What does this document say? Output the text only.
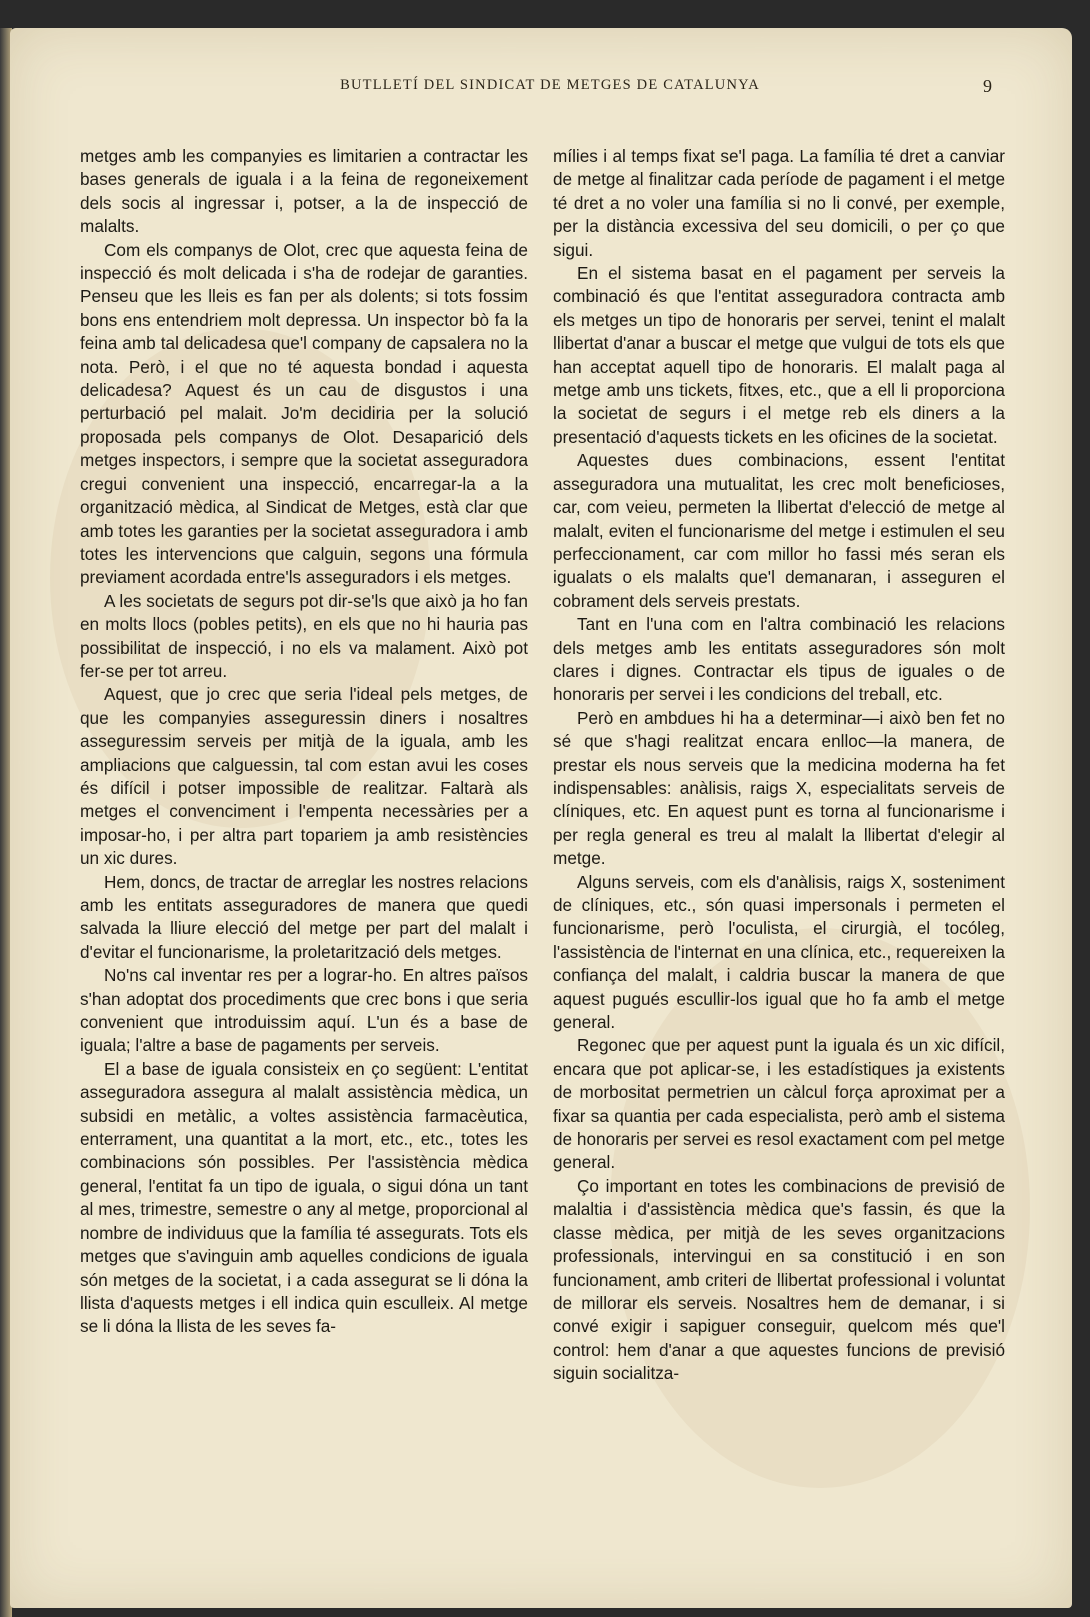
BUTLLETÍ DEL SINDICAT DE METGES DE CATALUNYA	9

metges amb les companyies es limitarien a contractar les bases generals de iguala i a la feina de regoneixement dels socis al ingressar i, potser, a la de inspecció de malalts.

Com els companys de Olot, crec que aquesta feina de inspecció és molt delicada i s'ha de rodejar de garanties. Penseu que les lleis es fan per als dolents; si tots fossim bons ens entendriem molt depressa. Un inspector bò fa la feina amb tal delicadesa que'l company de capsalera no la nota. Però, i el que no té aquesta bondad i aquesta delicadesa? Aquest és un cau de disgustos i una perturbació pel malait. Jo'm decidiria per la solució proposada pels companys de Olot. Desaparició dels metges inspectors, i sempre que la societat asseguradora cregui convenient una inspecció, encarregar-la a la organització mèdica, al Sindicat de Metges, està clar que amb totes les garanties per la societat asseguradora i amb totes les intervencions que calguin, segons una fórmula previament acordada entre'ls asseguradors i els metges.

A les societats de segurs pot dir-se'ls que això ja ho fan en molts llocs (pobles petits), en els que no hi hauria pas possibilitat de inspecció, i no els va malament. Això pot fer-se per tot arreu.

Aquest, que jo crec que seria l'ideal pels metges, de que les companyies asseguressin diners i nosaltres asseguressim serveis per mitjà de la iguala, amb les ampliacions que calguessin, tal com estan avui les coses és difícil i potser impossible de realitzar. Faltarà als metges el convenciment i l'empenta necessàries per a imposar-ho, i per altra part topariem ja amb resistències un xic dures.

Hem, doncs, de tractar de arreglar les nostres relacions amb les entitats asseguradores de manera que quedi salvada la lliure elecció del metge per part del malalt i d'evitar el funcionarisme, la proletarització dels metges.

No'ns cal inventar res per a lograr-ho. En altres països s'han adoptat dos procediments que crec bons i que seria convenient que introduissim aquí. L'un és a base de iguala; l'altre a base de pagaments per serveis.

El a base de iguala consisteix en ço següent: L'entitat asseguradora assegura al malalt assistència mèdica, un subsidi en metàlic, a voltes assistència farmacèutica, enterrament, una quantitat a la mort, etc., etc., totes les combinacions són possibles. Per l'assistència mèdica general, l'entitat fa un tipo de iguala, o sigui dóna un tant al mes, trimestre, semestre o any al metge, proporcional al nombre de individuus que la família té assegurats. Tots els metges que s'avinguin amb aquelles condicions de iguala són metges de la societat, i a cada assegurat se li dóna la llista d'aquests metges i ell indica quin esculleix. Al metge se li dóna la llista de les seves fa-

mílies i al temps fixat se'l paga. La família té dret a canviar de metge al finalitzar cada període de pagament i el metge té dret a no voler una família si no li convé, per exemple, per la distància excessiva del seu domicili, o per ço que sigui.

En el sistema basat en el pagament per serveis la combinació és que l'entitat asseguradora contracta amb els metges un tipo de honoraris per servei, tenint el malalt llibertat d'anar a buscar el metge que vulgui de tots els que han acceptat aquell tipo de honoraris. El malalt paga al metge amb uns tickets, fitxes, etc., que a ell li proporciona la societat de segurs i el metge reb els diners a la presentació d'aquests tickets en les oficines de la societat.

Aquestes dues combinacions, essent l'entitat asseguradora una mutualitat, les crec molt beneficioses, car, com veieu, permeten la llibertat d'elecció de metge al malalt, eviten el funcionarisme del metge i estimulen el seu perfeccionament, car com millor ho fassi més seran els igualats o els malalts que'l demanaran, i asseguren el cobrament dels serveis prestats.

Tant en l'una com en l'altra combinació les relacions dels metges amb les entitats asseguradores són molt clares i dignes. Contractar els tipus de iguales o de honoraris per servei i les condicions del treball, etc.

Però en ambdues hi ha a determinar—i això ben fet no sé que s'hagi realitzat encara enlloc—la manera, de prestar els nous serveis que la medicina moderna ha fet indispensables: anàlisis, raigs X, especialitats serveis de clíniques, etc. En aquest punt es torna al funcionarisme i per regla general es treu al malalt la llibertat d'elegir al metge.

Alguns serveis, com els d'anàlisis, raigs X, sosteniment de clíniques, etc., són quasi impersonals i permeten el funcionarisme, però l'oculista, el cirurgià, el tocóleg, l'assistència de l'internat en una clínica, etc., requereixen la confiança del malalt, i caldria buscar la manera de que aquest pugués escullir-los igual que ho fa amb el metge general.

Regonec que per aquest punt la iguala és un xic difícil, encara que pot aplicar-se, i les estadístiques ja existents de morbositat permetrien un càlcul força aproximat per a fixar sa quantia per cada especialista, però amb el sistema de honoraris per servei es resol exactament com pel metge general.

Ço important en totes les combinacions de previsió de malaltia i d'assistència mèdica que's fassin, és que la classe mèdica, per mitjà de les seves organitzacions professionals, intervingui en sa constitució i en son funcionament, amb criteri de llibertat professional i voluntat de millorar els serveis. Nosaltres hem de demanar, i si convé exigir i sapiguer conseguir, quelcom més que'l control: hem d'anar a que aquestes funcions de previsió siguin socialitza-
